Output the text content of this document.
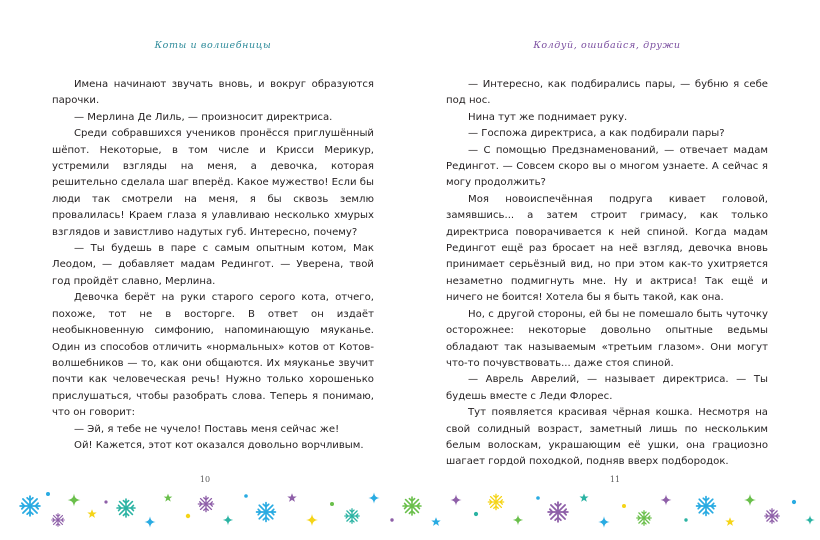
Коты и волшебницы

Имена начинают звучать вновь, и вокруг образуются парочки.

— Мерлина Де Лиль, — произносит директриса.

Среди собравшихся учеников пронёсся приглушённый шёпот. Некоторые, в том числе и Крисси Мерикур, устремили взгляды на меня, а девочка, которая решительно сделала шаг вперёд. Какое мужество! Если бы люди так смотрели на меня, я бы сквозь землю провалилась! Краем глаза я улавливаю несколько хмурых взглядов и завистливо надутых губ. Интересно, почему?

— Ты будешь в паре с самым опытным котом, Мак Леодом, — добавляет мадам Редингот. — Уверена, твой год пройдёт славно, Мерлина.

Девочка берёт на руки старого серого кота, отчего, похоже, тот не в восторге. В ответ он издаёт необыкновенную симфонию, напоминающую мяуканье. Один из способов отличить «нормальных» котов от Котов-волшебников — то, как они общаются. Их мяуканье звучит почти как человеческая речь! Нужно только хорошенько прислушаться, чтобы разобрать слова. Теперь я понимаю, что он говорит:

— Эй, я тебе не чучело! Поставь меня сейчас же!

Ой! Кажется, этот кот оказался довольно ворчливым.

Колдуй, ошибайся, дружи

— Интересно, как подбирались пары, — бубню я себе под нос.

Нина тут же поднимает руку.

— Госпожа директриса, а как подбирали пары?

— С помощью Предзнаменований, — отвечает мадам Редингот. — Совсем скоро вы о многом узнаете. А сейчас я могу продолжить?

Моя новоиспечённая подруга кивает головой, замявшись... а затем строит гримасу, как только директриса поворачивается к ней спиной. Когда мадам Редингот ещё раз бросает на неё взгляд, девочка вновь принимает серьёзный вид, но при этом как-то ухитряется незаметно подмигнуть мне. Ну и актриса! Так ещё и ничего не боится! Хотела бы я быть такой, как она.

Но, с другой стороны, ей бы не помешало быть чуточку осторожнее: некоторые довольно опытные ведьмы обладают так называемым «третьим глазом». Они могут что-то почувствовать... даже стоя спиной.

— Аврель Аврелий, — называет директриса. — Ты будешь вместе с Леди Флорес.

Тут появляется красивая чёрная кошка. Несмотря на свой солидный возраст, заметный лишь по нескольким белым волоскам, украшающим её ушки, она грациозно шагает гордой походкой, подняв вверх подбородок.

10	11
